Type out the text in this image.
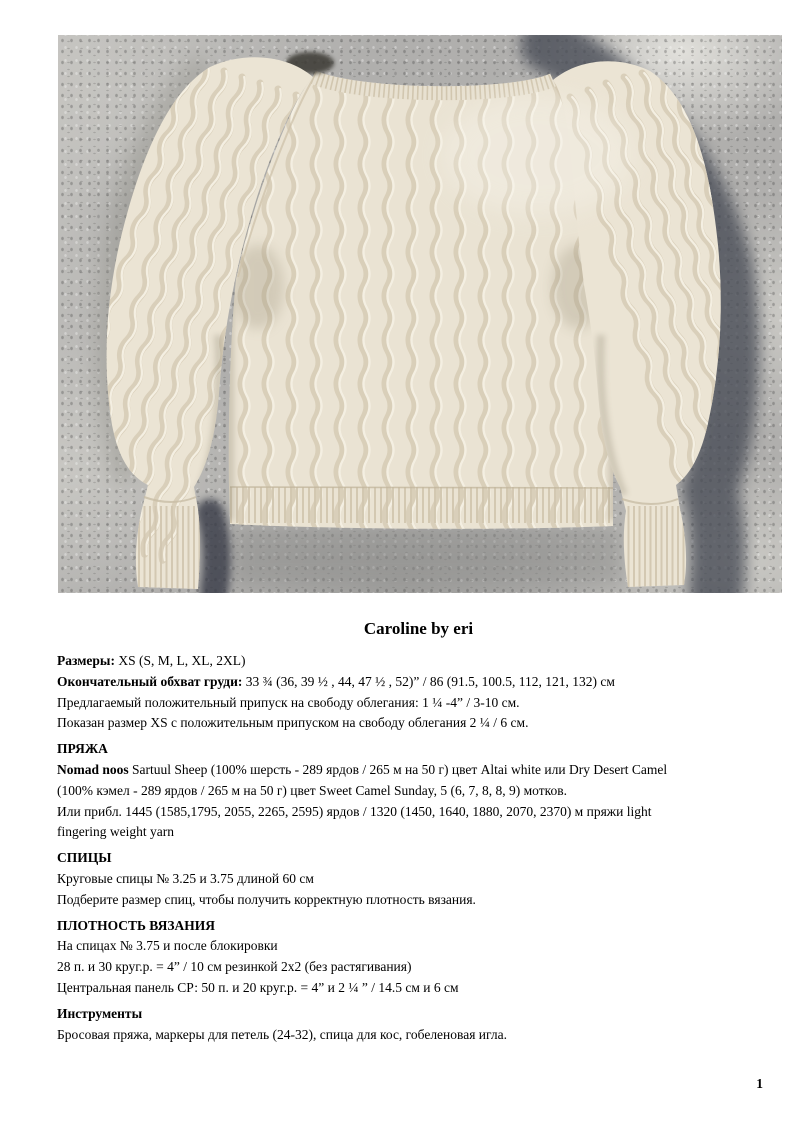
Caroline by eri

Размеры: XS (S, M, L, XL, 2XL)

Окончательный обхват груди: 33 ¾ (36, 39 ½ , 44, 47 ½ , 52)” / 86 (91.5, 100.5, 112, 121, 132) см

Предлагаемый положительный припуск на свободу облегания: 1 ¼ -4” / 3-10 см.

Показан размер XS с положительным припуском на свободу облегания 2 ¼ / 6 см.

ПРЯЖА

Nomad noos Sartuul Sheep (100% шерсть - 289 ярдов / 265 м на 50 г) цвет Altai white или Dry Desert Camel

(100% кэмел - 289 ярдов / 265 м на 50 г) цвет Sweet Camel Sunday, 5 (6, 7, 8, 8, 9) мотков.

Или прибл. 1445 (1585,1795, 2055, 2265, 2595) ярдов / 1320 (1450, 1640, 1880, 2070, 2370) м пряжи light

fingering weight yarn

СПИЦЫ

Круговые спицы № 3.25 и 3.75 длиной 60 см

Подберите размер спиц, чтобы получить корректную плотность вязания.

ПЛОТНОСТЬ ВЯЗАНИЯ

На спицах № 3.75 и после блокировки

28 п. и 30 круг.р. = 4” / 10 см резинкой 2х2 (без растягивания)

Центральная панель СР: 50 п. и 20 круг.р. = 4” и 2 ¼ ” / 14.5 см и 6 см

Инструменты

Бросовая пряжа, маркеры для петель (24-32), спица для кос, гобеленовая игла.

1
